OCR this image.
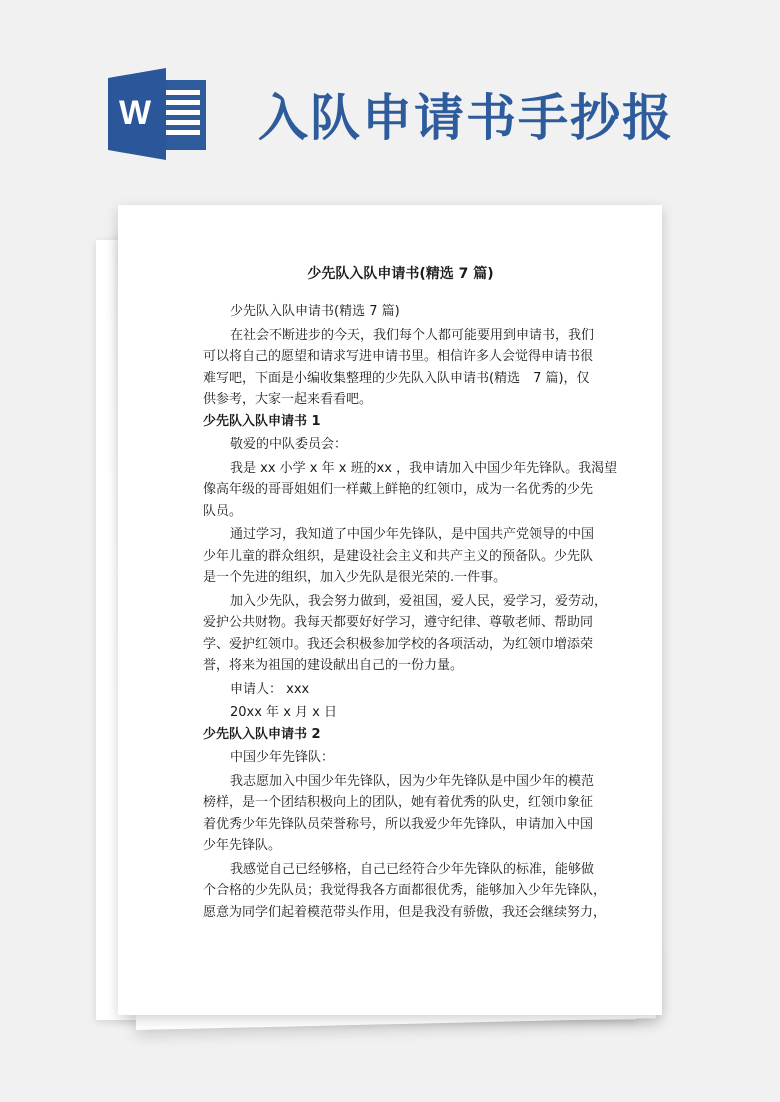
W 入队申请书手抄报
少先队入队申请书(精选 7 篇)
少先队入队申请书(精选 7 篇)
在社会不断进步的今天，我们每个人都可能要用到申请书，我们
可以将自己的愿望和请求写进申请书里。相信许多人会觉得申请书很
难写吧，下面是小编收集整理的少先队入队申请书(精选　7 篇)，仅
供参考，大家一起来看看吧。
少先队入队申请书 1
敬爱的中队委员会：
我是 xx 小学 x 年 x 班的xx ，我申请加入中国少年先锋队。我渴望
像高年级的哥哥姐姐们一样戴上鲜艳的红领巾，成为一名优秀的少先
队员。
通过学习，我知道了中国少年先锋队，是中国共产党领导的中国
少年儿童的群众组织，是建设社会主义和共产主义的预备队。少先队
是一个先进的组织，加入少先队是很光荣的.一件事。
加入少先队，我会努力做到，爱祖国，爱人民，爱学习，爱劳动，
爱护公共财物。我每天都要好好学习，遵守纪律、尊敬老师、帮助同
学、爱护红领巾。我还会积极参加学校的各项活动，为红领巾增添荣
誉，将来为祖国的建设献出自己的一份力量。
申请人： xxx
20xx 年 x 月 x 日
少先队入队申请书 2
中国少年先锋队：
我志愿加入中国少年先锋队，因为少年先锋队是中国少年的模范
榜样，是一个团结积极向上的团队，她有着优秀的队史，红领巾象征
着优秀少年先锋队员荣誉称号，所以我爱少年先锋队，申请加入中国
少年先锋队。
我感觉自己已经够格，自己已经符合少年先锋队的标准，能够做
个合格的少先队员；我觉得我各方面都很优秀，能够加入少年先锋队，
愿意为同学们起着模范带头作用，但是我没有骄傲，我还会继续努力，
